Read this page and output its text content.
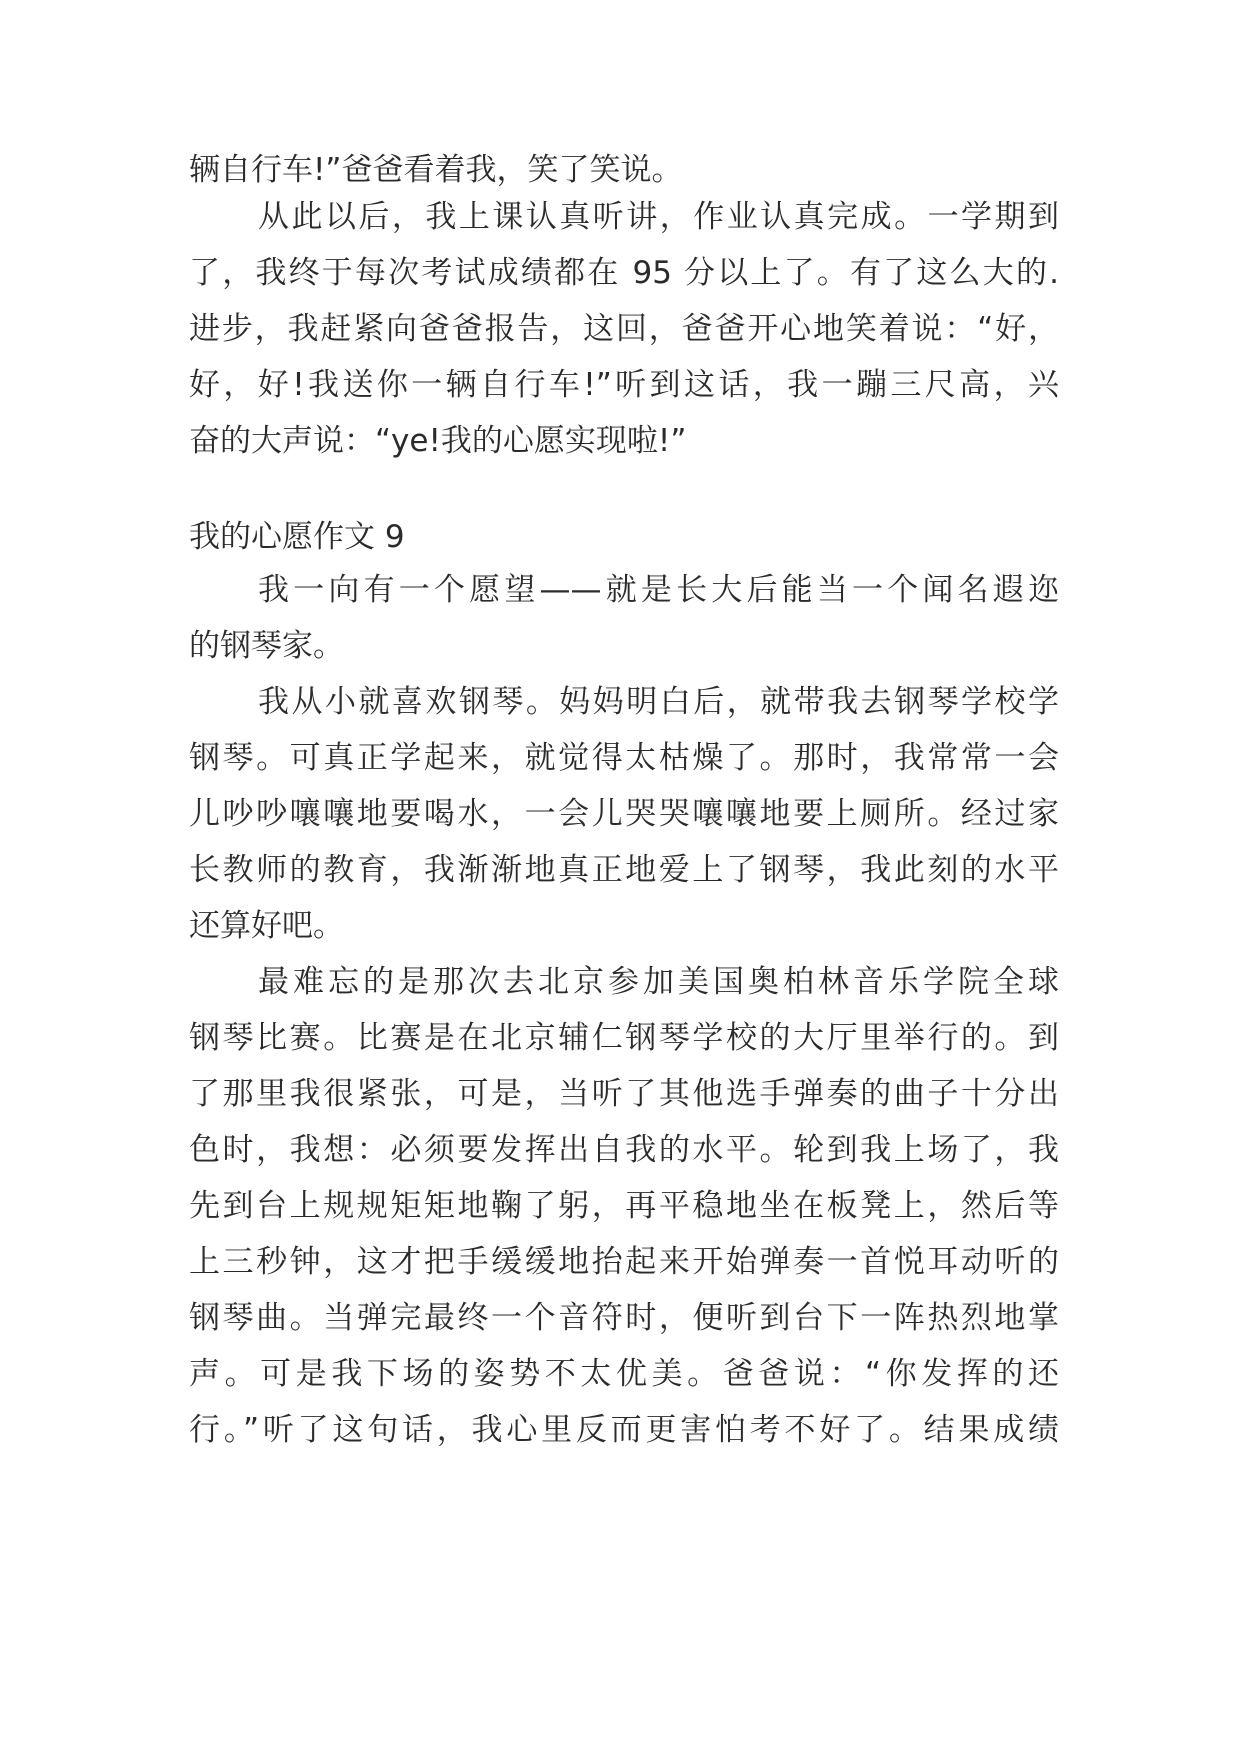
辆自行车!”爸爸看着我，笑了笑说。

从此以后，我上课认真听讲，作业认真完成。一学期到

了，我终于每次考试成绩都在 95 分以上了。有了这么大的.

进步，我赶紧向爸爸报告，这回，爸爸开心地笑着说：“好，

好，好!我送你一辆自行车!”听到这话，我一蹦三尺高，兴

奋的大声说：“ye!我的心愿实现啦!”

我的心愿作文 9

我一向有一个愿望——就是长大后能当一个闻名遐迩

的钢琴家。

我从小就喜欢钢琴。妈妈明白后，就带我去钢琴学校学

钢琴。可真正学起来，就觉得太枯燥了。那时，我常常一会

儿吵吵嚷嚷地要喝水，一会儿哭哭嚷嚷地要上厕所。经过家

长教师的教育，我渐渐地真正地爱上了钢琴，我此刻的水平

还算好吧。

最难忘的是那次去北京参加美国奥柏林音乐学院全球

钢琴比赛。比赛是在北京辅仁钢琴学校的大厅里举行的。到

了那里我很紧张，可是，当听了其他选手弹奏的曲子十分出

色时，我想：必须要发挥出自我的水平。轮到我上场了，我

先到台上规规矩矩地鞠了躬，再平稳地坐在板凳上，然后等

上三秒钟，这才把手缓缓地抬起来开始弹奏一首悦耳动听的

钢琴曲。当弹完最终一个音符时，便听到台下一阵热烈地掌

声。可是我下场的姿势不太优美。爸爸说：“你发挥的还

行。”听了这句话，我心里反而更害怕考不好了。结果成绩
